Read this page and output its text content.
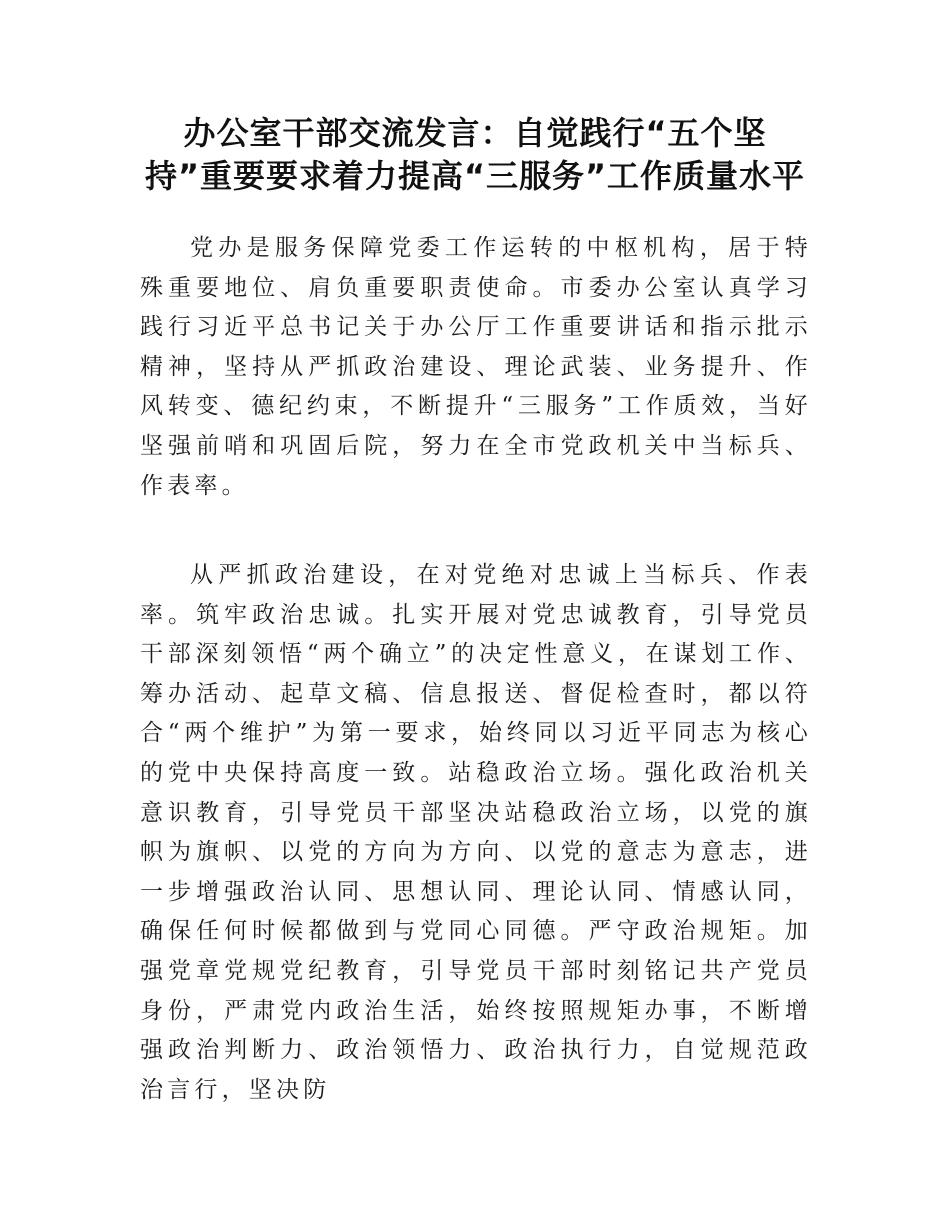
办公室干部交流发言：自觉践行“五个坚持”重要要求着力提高“三服务”工作质量水平

党办是服务保障党委工作运转的中枢机构，居于特殊重要地位、肩负重要职责使命。市委办公室认真学习践行习近平总书记关于办公厅工作重要讲话和指示批示精神，坚持从严抓政治建设、理论武装、业务提升、作风转变、德纪约束，不断提升“三服务”工作质效，当好坚强前哨和巩固后院，努力在全市党政机关中当标兵、作表率。

从严抓政治建设，在对党绝对忠诚上当标兵、作表率。筑牢政治忠诚。扎实开展对党忠诚教育，引导党员干部深刻领悟“两个确立”的决定性意义，在谋划工作、筹办活动、起草文稿、信息报送、督促检查时，都以符合“两个维护”为第一要求，始终同以习近平同志为核心的党中央保持高度一致。站稳政治立场。强化政治机关意识教育，引导党员干部坚决站稳政治立场，以党的旗帜为旗帜、以党的方向为方向、以党的意志为意志，进一步增强政治认同、思想认同、理论认同、情感认同，确保任何时候都做到与党同心同德。严守政治规矩。加强党章党规党纪教育，引导党员干部时刻铭记共产党员身份，严肃党内政治生活，始终按照规矩办事，不断增强政治判断力、政治领悟力、政治执行力，自觉规范政治言行，坚决防
